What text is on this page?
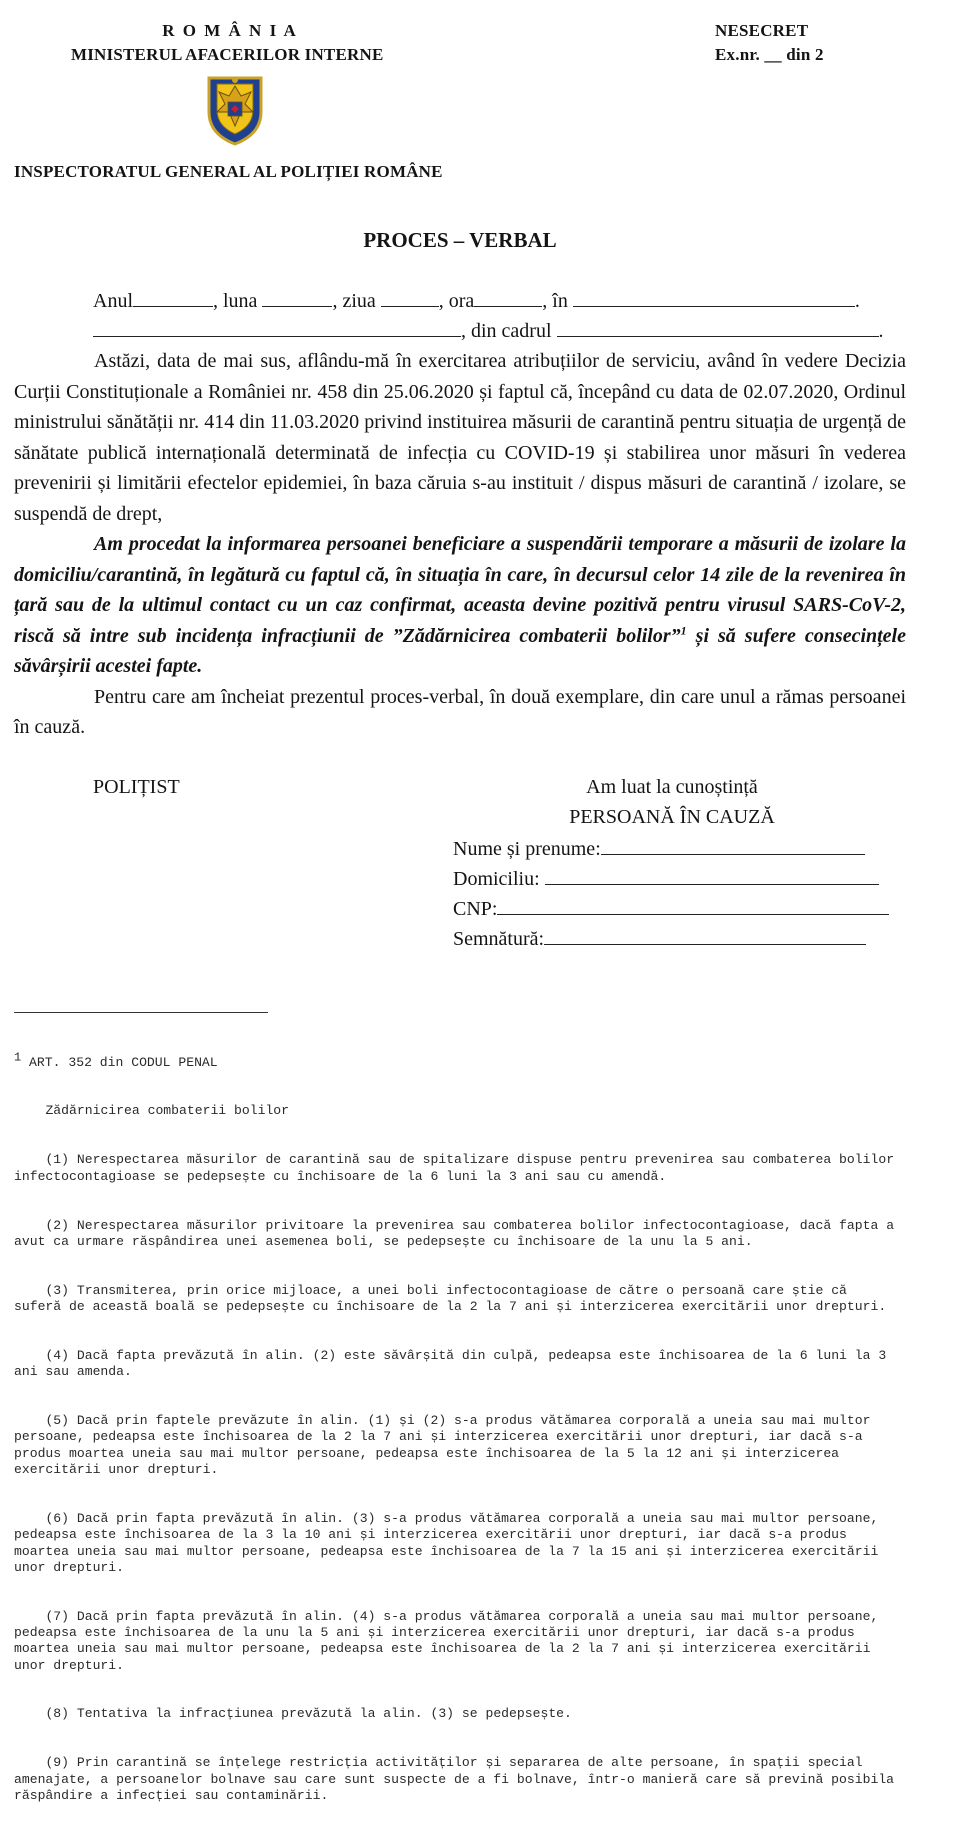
R O M Â N I A
MINISTERUL AFACERILOR INTERNE
NESECRET
Ex.nr. __ din 2
INSPECTORATUL GENERAL AL POLIȚIEI ROMÂNE
PROCES – VERBAL
Anul	, luna	, ziua	, ora	, în	.
, din cadrul	.
Astăzi, data de mai sus, aflându-mă în exercitarea atribuțiilor de serviciu, având în vedere Decizia Curții Constituționale a României nr. 458 din 25.06.2020 și faptul că, începând cu data de 02.07.2020, Ordinul ministrului sănătății nr. 414 din 11.03.2020 privind instituirea măsurii de carantină pentru situația de urgență de sănătate publică internațională determinată de infecția cu COVID-19 și stabilirea unor măsuri în vederea prevenirii și limitării efectelor epidemiei, în baza căruia s-au instituit / dispus măsuri de carantină / izolare, se suspendă de drept,
Am procedat la informarea persoanei beneficiare a suspendării temporare a măsurii de izolare la domiciliu/carantină, în legătură cu faptul că, în situația în care, în decursul celor 14 zile de la revenirea în țară sau de la ultimul contact cu un caz confirmat, aceasta devine pozitivă pentru virusul SARS-CoV-2, riscă să intre sub incidența infracțiunii de ”Zădărnicirea combaterii bolilor”$^1$ și să sufere consecințele săvârșirii acestei fapte.
Pentru care am încheiat prezentul proces-verbal, în două exemplare, din care unul a rămas persoanei în cauză.
POLIȚIST	Am luat la cunoștință
PERSOANĂ ÎN CAUZĂ
Nume și prenume:
Domiciliu:
CNP:
Semnătură:

$^1$ ART. 352 din CODUL PENAL

Zădărnicirea combaterii bolilor

(1) Nerespectarea măsurilor de carantină sau de spitalizare dispuse pentru prevenirea sau combaterea bolilor infectocontagioase se pedepsește cu închisoare de la 6 luni la 3 ani sau cu amendă.

(2) Nerespectarea măsurilor privitoare la prevenirea sau combaterea bolilor infectocontagioase, dacă fapta a avut ca urmare răspândirea unei asemenea boli, se pedepsește cu închisoare de la unu la 5 ani.

(3) Transmiterea, prin orice mijloace, a unei boli infectocontagioase de către o persoană care știe că suferă de această boală se pedepsește cu închisoare de la 2 la 7 ani și interzicerea exercitării unor drepturi.

(4) Dacă fapta prevăzută în alin. (2) este săvârșită din culpă, pedeapsa este închisoarea de la 6 luni la 3 ani sau amenda.

(5) Dacă prin faptele prevăzute în alin. (1) și (2) s-a produs vătămarea corporală a uneia sau mai multor persoane, pedeapsa este închisoarea de la 2 la 7 ani și interzicerea exercitării unor drepturi, iar dacă s-a produs moartea uneia sau mai multor persoane, pedeapsa este închisoarea de la 5 la 12 ani și interzicerea exercitării unor drepturi.

(6) Dacă prin fapta prevăzută în alin. (3) s-a produs vătămarea corporală a uneia sau mai multor persoane, pedeapsa este închisoarea de la 3 la 10 ani și interzicerea exercitării unor drepturi, iar dacă s-a produs moartea uneia sau mai multor persoane, pedeapsa este închisoarea de la 7 la 15 ani și interzicerea exercitării unor drepturi.

(7) Dacă prin fapta prevăzută în alin. (4) s-a produs vătămarea corporală a uneia sau mai multor persoane, pedeapsa este închisoarea de la unu la 5 ani și interzicerea exercitării unor drepturi, iar dacă s-a produs moartea uneia sau mai multor persoane, pedeapsa este închisoarea de la 2 la 7 ani și interzicerea exercitării unor drepturi.

(8) Tentativa la infracțiunea prevăzută la alin. (3) se pedepsește.

(9) Prin carantină se înțelege restricția activităților și separarea de alte persoane, în spații special amenajate, a persoanelor bolnave sau care sunt suspecte de a fi bolnave, într-o manieră care să prevină posibila răspândire a infecției sau contaminării.
